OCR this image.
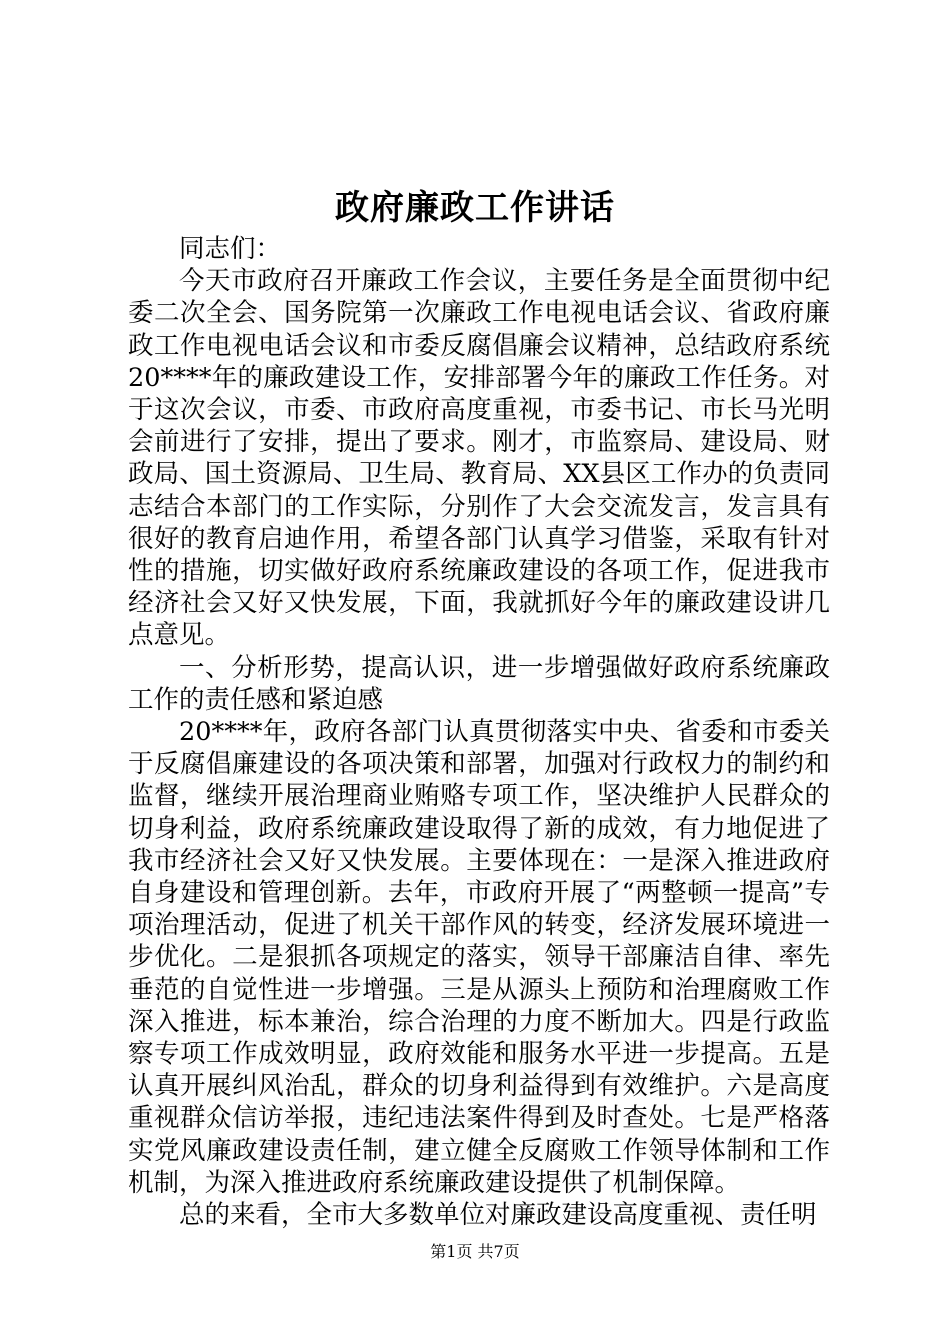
政府廉政工作讲话

同志们：

今天市政府召开廉政工作会议，主要任务是全面贯彻中纪委二次全会、国务院第一次廉政工作电视电话会议、省政府廉政工作电视电话会议和市委反腐倡廉会议精神，总结政府系统20****年的廉政建设工作，安排部署今年的廉政工作任务。对于这次会议，市委、市政府高度重视，市委书记、市长马光明会前进行了安排，提出了要求。刚才，市监察局、建设局、财政局、国土资源局、卫生局、教育局、XX县区工作办的负责同志结合本部门的工作实际，分别作了大会交流发言，发言具有很好的教育启迪作用，希望各部门认真学习借鉴，采取有针对性的措施，切实做好政府系统廉政建设的各项工作，促进我市经济社会又好又快发展，下面，我就抓好今年的廉政建设讲几点意见。

一、分析形势，提高认识，进一步增强做好政府系统廉政工作的责任感和紧迫感

20****年，政府各部门认真贯彻落实中央、省委和市委关于反腐倡廉建设的各项决策和部署，加强对行政权力的制约和监督，继续开展治理商业贿赂专项工作，坚决维护人民群众的切身利益，政府系统廉政建设取得了新的成效，有力地促进了我市经济社会又好又快发展。主要体现在：一是深入推进政府自身建设和管理创新。去年，市政府开展了“两整顿一提高”专项治理活动，促进了机关干部作风的转变，经济发展环境进一步优化。二是狠抓各项规定的落实，领导干部廉洁自律、率先垂范的自觉性进一步增强。三是从源头上预防和治理腐败工作深入推进，标本兼治，综合治理的力度不断加大。四是行政监察专项工作成效明显，政府效能和服务水平进一步提高。五是认真开展纠风治乱，群众的切身利益得到有效维护。六是高度重视群众信访举报，违纪违法案件得到及时查处。七是严格落实党风廉政建设责任制，建立健全反腐败工作领导体制和工作机制，为深入推进政府系统廉政建设提供了机制保障。

总的来看，全市大多数单位对廉政建设高度重视、责任明

第1页 共7页
